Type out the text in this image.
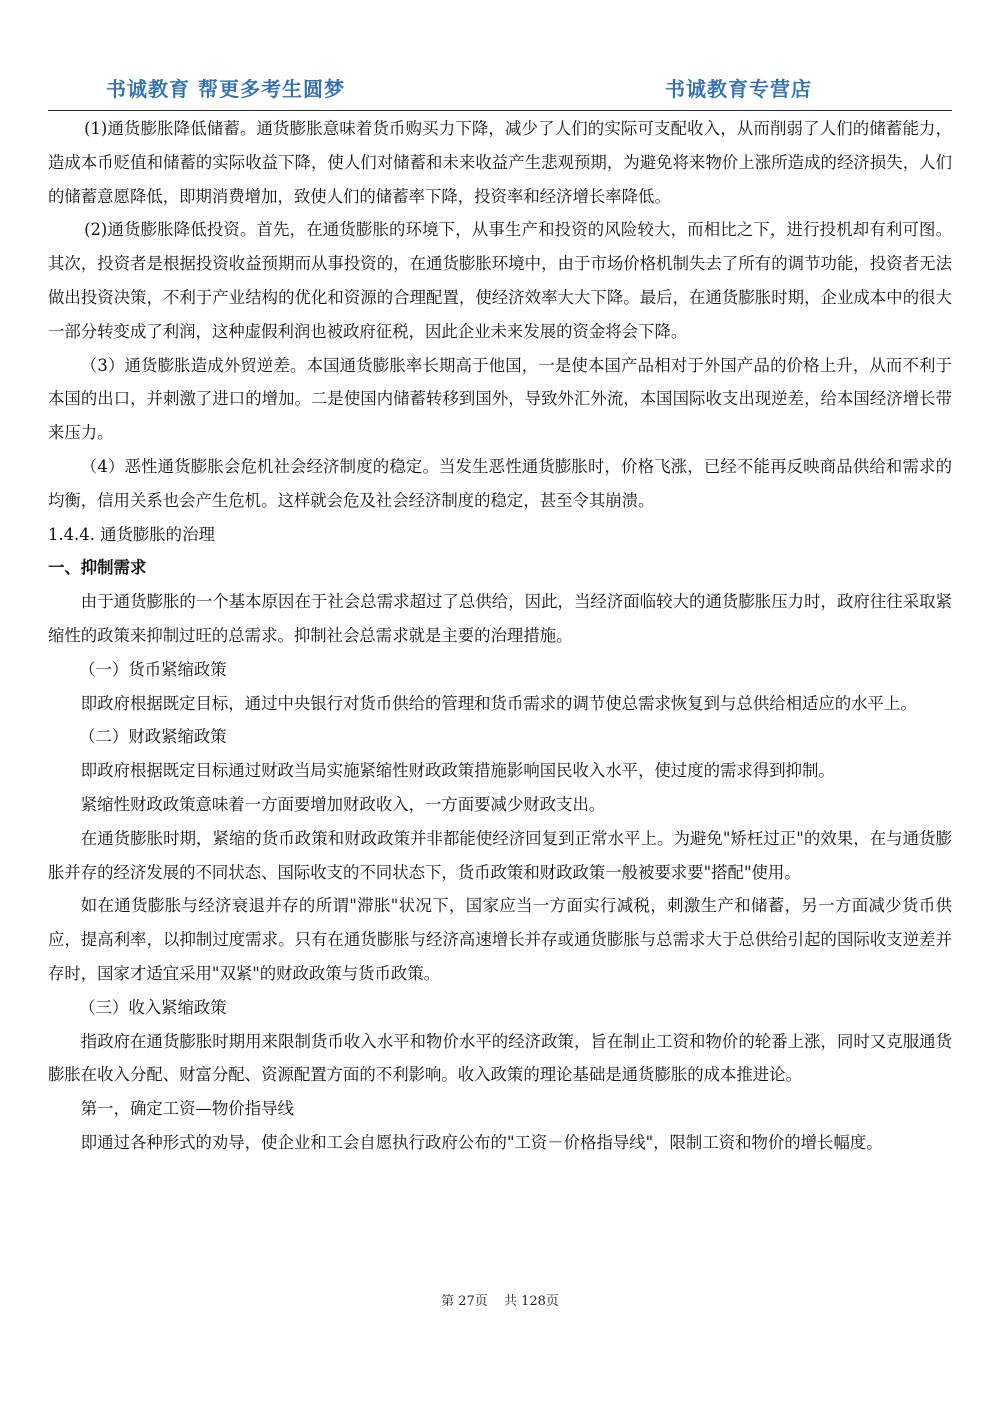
书诚教育 帮更多考生圆梦	书诚教育专营店

(1)通货膨胀降低储蓄。通货膨胀意味着货币购买力下降，减少了人们的实际可支配收入，从而削弱了人们的储蓄能力，造成本币贬值和储蓄的实际收益下降，使人们对储蓄和未来收益产生悲观预期，为避免将来物价上涨所造成的经济损失，人们的储蓄意愿降低，即期消费增加，致使人们的储蓄率下降，投资率和经济增长率降低。

(2)通货膨胀降低投资。首先，在通货膨胀的环境下，从事生产和投资的风险较大，而相比之下，进行投机却有利可图。其次，投资者是根据投资收益预期而从事投资的，在通货膨胀环境中，由于市场价格机制失去了所有的调节功能，投资者无法做出投资决策，不利于产业结构的优化和资源的合理配置，使经济效率大大下降。最后，在通货膨胀时期，企业成本中的很大一部分转变成了利润，这种虚假利润也被政府征税，因此企业未来发展的资金将会下降。

（3）通货膨胀造成外贸逆差。本国通货膨胀率长期高于他国，一是使本国产品相对于外国产品的价格上升，从而不利于本国的出口，并刺激了进口的增加。二是使国内储蓄转移到国外，导致外汇外流，本国国际收支出现逆差，给本国经济增长带来压力。

（4）恶性通货膨胀会危机社会经济制度的稳定。当发生恶性通货膨胀时，价格飞涨，已经不能再反映商品供给和需求的均衡，信用关系也会产生危机。这样就会危及社会经济制度的稳定，甚至令其崩溃。

1.4.4. 通货膨胀的治理

一、抑制需求

由于通货膨胀的一个基本原因在于社会总需求超过了总供给，因此，当经济面临较大的通货膨胀压力时，政府往往采取紧缩性的政策来抑制过旺的总需求。抑制社会总需求就是主要的治理措施。

（一）货币紧缩政策

即政府根据既定目标，通过中央银行对货币供给的管理和货币需求的调节使总需求恢复到与总供给相适应的水平上。

（二）财政紧缩政策

即政府根据既定目标通过财政当局实施紧缩性财政政策措施影响国民收入水平，使过度的需求得到抑制。

紧缩性财政政策意味着一方面要增加财政收入，一方面要减少财政支出。

在通货膨胀时期，紧缩的货币政策和财政政策并非都能使经济回复到正常水平上。为避免"矫枉过正"的效果，在与通货膨胀并存的经济发展的不同状态、国际收支的不同状态下，货币政策和财政政策一般被要求要"搭配"使用。

如在通货膨胀与经济衰退并存的所谓"滞胀"状况下，国家应当一方面实行减税，刺激生产和储蓄，另一方面减少货币供应，提高利率，以抑制过度需求。只有在通货膨胀与经济高速增长并存或通货膨胀与总需求大于总供给引起的国际收支逆差并存时，国家才适宜采用"双紧"的财政政策与货币政策。

（三）收入紧缩政策

指政府在通货膨胀时期用来限制货币收入水平和物价水平的经济政策，旨在制止工资和物价的轮番上涨，同时又克服通货膨胀在收入分配、财富分配、资源配置方面的不利影响。收入政策的理论基础是通货膨胀的成本推进论。

第一，确定工资—物价指导线

即通过各种形式的劝导，使企业和工会自愿执行政府公布的"工资－价格指导线"，限制工资和物价的增长幅度。

第 27页 共 128页
